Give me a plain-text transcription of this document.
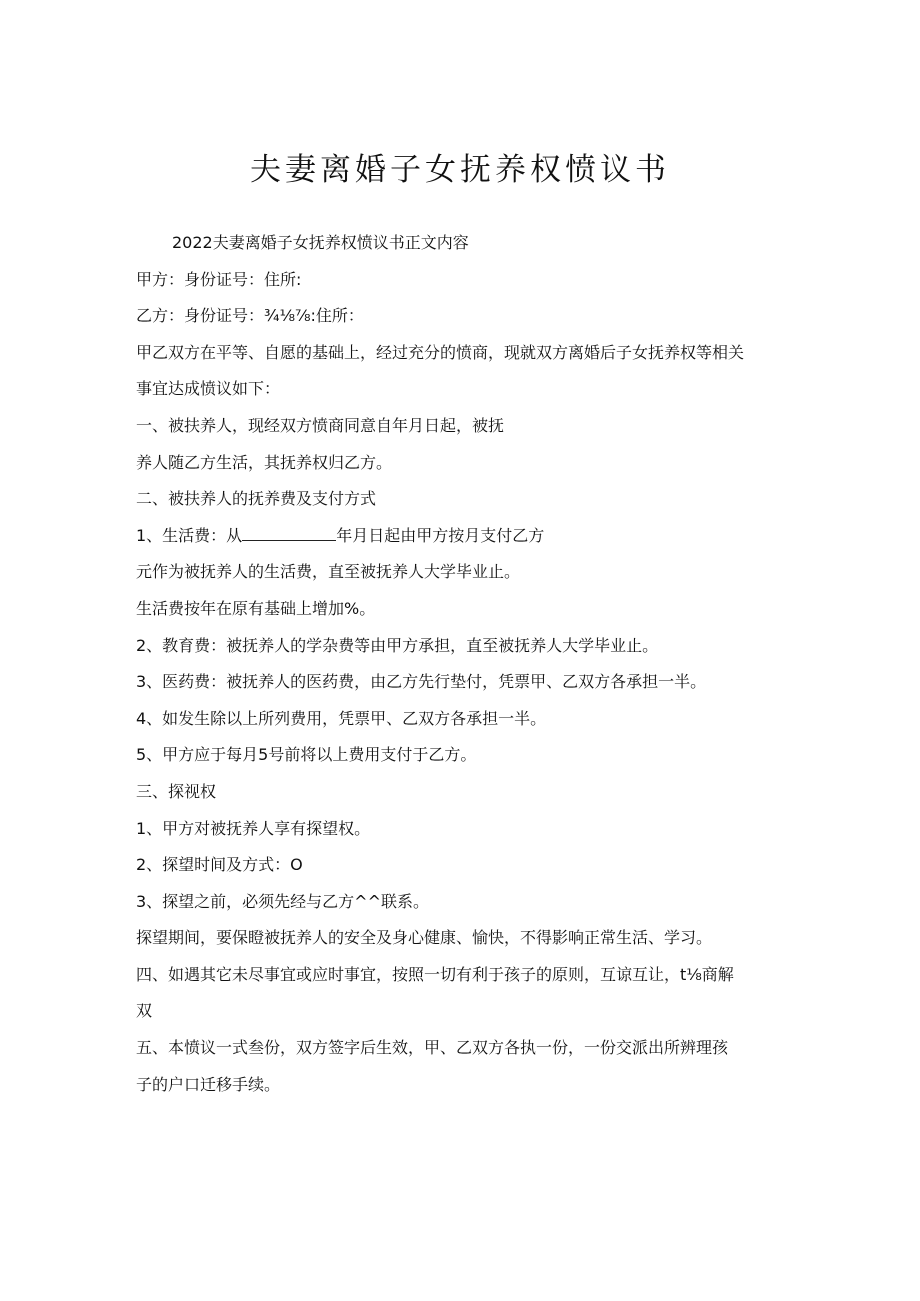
夫妻离婚子女抚养权愤议书
2022夫妻离婚子女抚养权愤议书正文内容
甲方：身份证号：住所:
乙方：身份证号：¾⅛⅞:住所：
甲乙双方在平等、自愿的基础上，经过充分的愤商，现就双方离婚后子女抚养权等相关
事宜达成愤议如下：
一、被扶养人，现经双方愤商同意自年月日起，被抚
养人随乙方生活，其抚养权归乙方。
二、被扶养人的抚养费及支付方式
1、生活费：从	年月日起由甲方按月支付乙方
元作为被抚养人的生活费，直至被抚养人大学毕业止。
生活费按年在原有基础上增加%。
2、教育费：被抚养人的学杂费等由甲方承担，直至被抚养人大学毕业止。
3、医药费：被抚养人的医药费，由乙方先行垫付，凭票甲、乙双方各承担一半。
4、如发生除以上所列费用，凭票甲、乙双方各承担一半。
5、甲方应于每月5号前将以上费用支付于乙方。
三、探视权
1、甲方对被抚养人享有探望权。
2、探望时间及方式：O
3、探望之前，必须先经与乙方^^联系。
探望期间，要保瞪被抚养人的安全及身心健康、愉快，不得影响正常生活、学习。
四、如遇其它未尽事宜或应时事宜，按照一切有利于孩子的原则，互谅互让，t⅛商解
双
五、本愤议一式叁份，双方签字后生效，甲、乙双方各执一份，一份交派出所辨理孩
子的户口迁移手续。
